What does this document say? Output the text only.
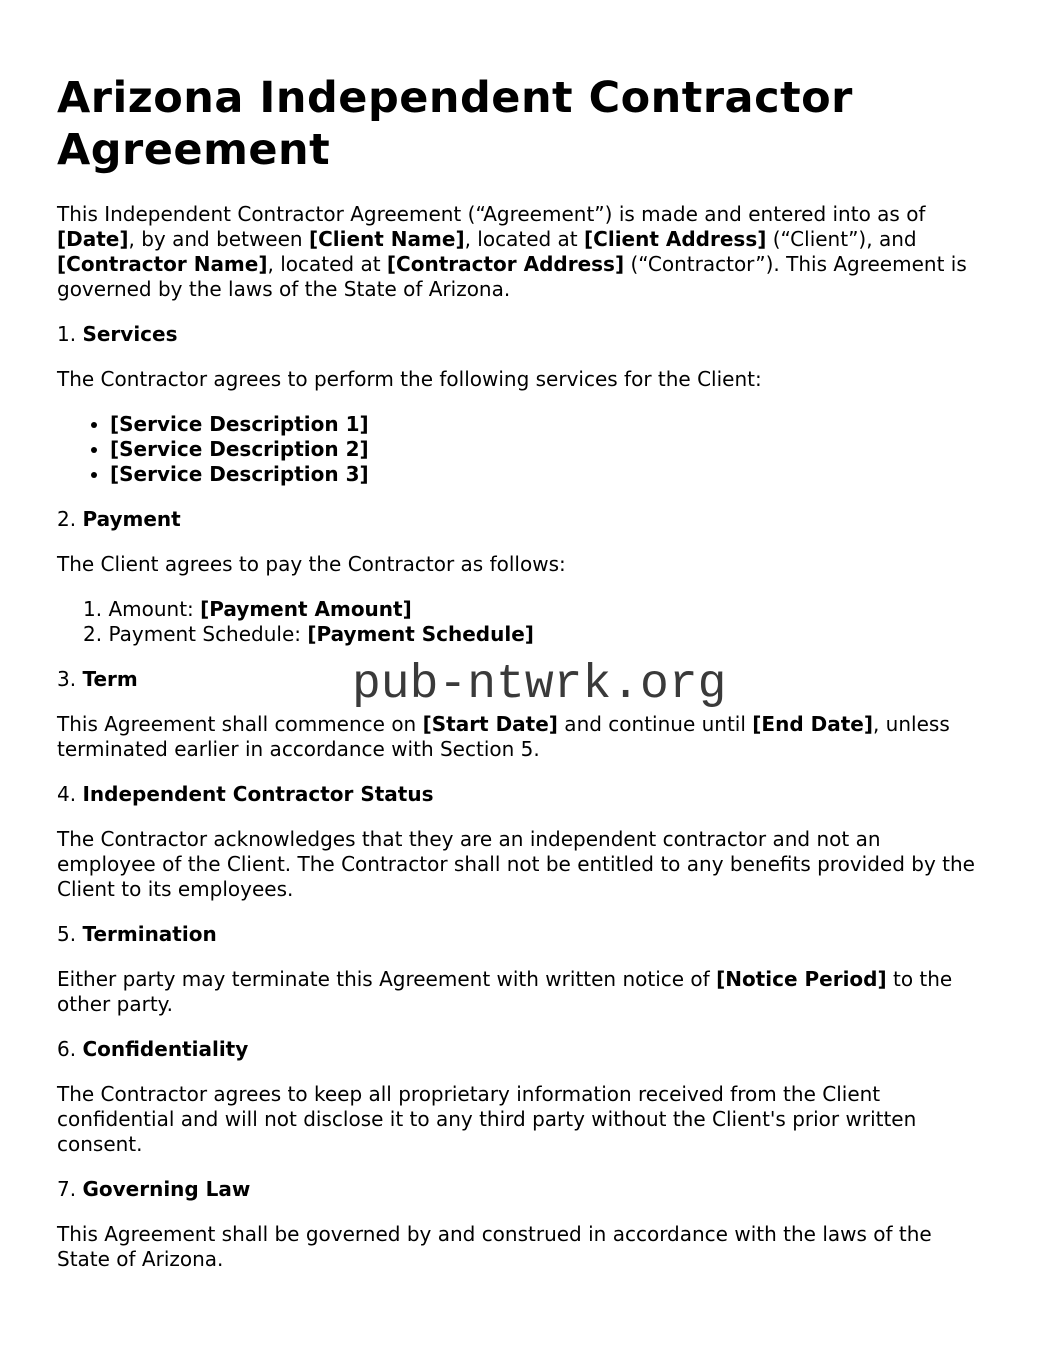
Arizona Independent Contractor Agreement

This Independent Contractor Agreement (“Agreement”) is made and entered into as of [Date], by and between [Client Name], located at [Client Address] (“Client”), and [Contractor Name], located at [Contractor Address] (“Contractor”). This Agreement is governed by the laws of the State of Arizona.

1. Services

The Contractor agrees to perform the following services for the Client:

• [Service Description 1]
• [Service Description 2]
• [Service Description 3]
2. Payment

The Client agrees to pay the Contractor as follows:

1. Amount: [Payment Amount]
2. Payment Schedule: [Payment Schedule]
3. Term

This Agreement shall commence on [Start Date] and continue until [End Date], unless terminated earlier in accordance with Section 5.

4. Independent Contractor Status

The Contractor acknowledges that they are an independent contractor and not an employee of the Client. The Contractor shall not be entitled to any benefits provided by the Client to its employees.

5. Termination

Either party may terminate this Agreement with written notice of [Notice Period] to the other party.

6. Confidentiality

The Contractor agrees to keep all proprietary information received from the Client confidential and will not disclose it to any third party without the Client's prior written consent.

7. Governing Law

This Agreement shall be governed by and construed in accordance with the laws of the State of Arizona.

pub-ntwrk.org
